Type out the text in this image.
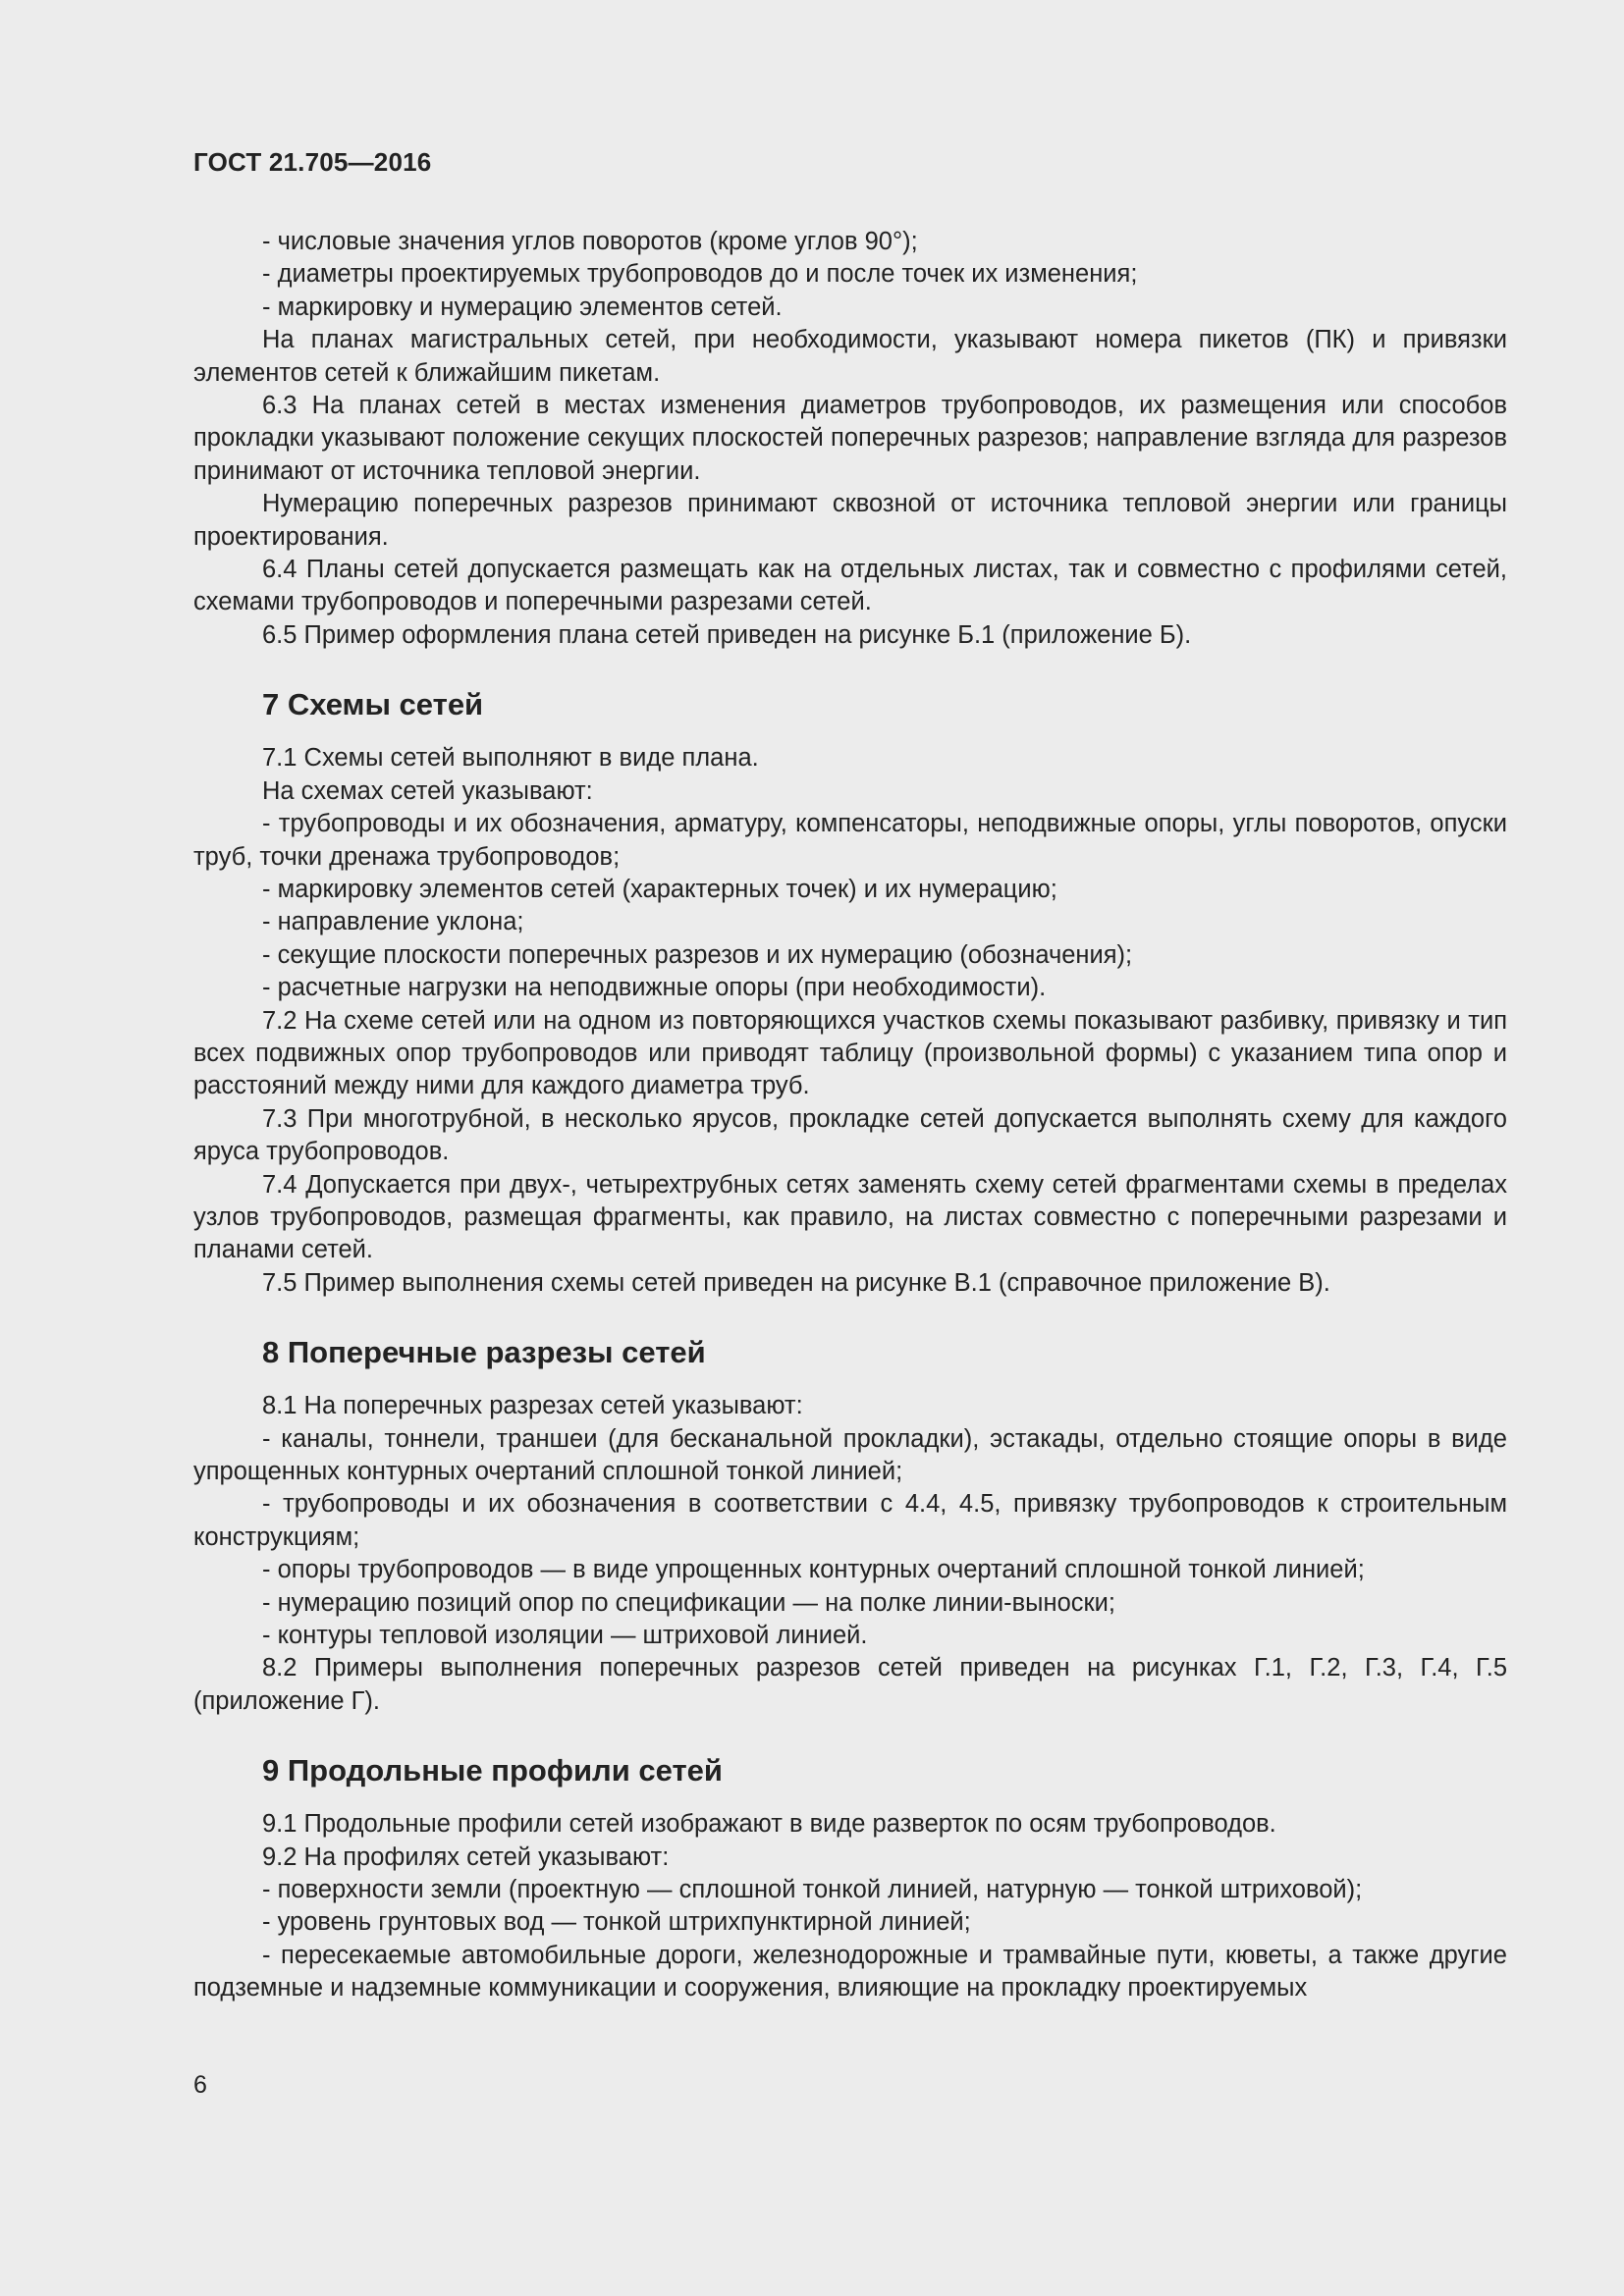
ГОСТ 21.705—2016

- числовые значения углов поворотов (кроме углов 90°);

- диаметры проектируемых трубопроводов до и после точек их изменения;

- маркировку и нумерацию элементов сетей.

На планах магистральных сетей, при необходимости, указывают номера пикетов (ПК) и привязки элементов сетей к ближайшим пикетам.

6.3 На планах сетей в местах изменения диаметров трубопроводов, их размещения или способов прокладки указывают положение секущих плоскостей поперечных разрезов; направление взгляда для разрезов принимают от источника тепловой энергии.

Нумерацию поперечных разрезов принимают сквозной от источника тепловой энергии или границы проектирования.

6.4 Планы сетей допускается размещать как на отдельных листах, так и совместно с профилями сетей, схемами трубопроводов и поперечными разрезами сетей.

6.5 Пример оформления плана сетей приведен на рисунке Б.1 (приложение Б).

7 Схемы сетей

7.1 Схемы сетей выполняют в виде плана.

На схемах сетей указывают:

- трубопроводы и их обозначения, арматуру, компенсаторы, неподвижные опоры, углы поворотов, опуски труб, точки дренажа трубопроводов;

- маркировку элементов сетей (характерных точек) и их нумерацию;

- направление уклона;

- секущие плоскости поперечных разрезов и их нумерацию (обозначения);

- расчетные нагрузки на неподвижные опоры (при необходимости).

7.2 На схеме сетей или на одном из повторяющихся участков схемы показывают разбивку, привязку и тип всех подвижных опор трубопроводов или приводят таблицу (произвольной формы) с указанием типа опор и расстояний между ними для каждого диаметра труб.

7.3 При многотрубной, в несколько ярусов, прокладке сетей допускается выполнять схему для каждого яруса трубопроводов.

7.4 Допускается при двух-, четырехтрубных сетях заменять схему сетей фрагментами схемы в пределах узлов трубопроводов, размещая фрагменты, как правило, на листах совместно с поперечными разрезами и планами сетей.

7.5 Пример выполнения схемы сетей приведен на рисунке В.1 (справочное приложение В).

8 Поперечные разрезы сетей

8.1 На поперечных разрезах сетей указывают:

- каналы, тоннели, траншеи (для бесканальной прокладки), эстакады, отдельно стоящие опоры в виде упрощенных контурных очертаний сплошной тонкой линией;

- трубопроводы и их обозначения в соответствии с 4.4, 4.5, привязку трубопроводов к строительным конструкциям;

- опоры трубопроводов — в виде упрощенных контурных очертаний сплошной тонкой линией;

- нумерацию позиций опор по спецификации — на полке линии-выноски;

- контуры тепловой изоляции — штриховой линией.

8.2 Примеры выполнения поперечных разрезов сетей приведен на рисунках Г.1, Г.2, Г.3, Г.4, Г.5 (приложение Г).

9 Продольные профили сетей

9.1 Продольные профили сетей изображают в виде разверток по осям трубопроводов.

9.2 На профилях сетей указывают:

- поверхности земли (проектную — сплошной тонкой линией, натурную — тонкой штриховой);

- уровень грунтовых вод — тонкой штрихпунктирной линией;

- пересекаемые автомобильные дороги, железнодорожные и трамвайные пути, кюветы, а также другие подземные и надземные коммуникации и сооружения, влияющие на прокладку проектируемых

6
